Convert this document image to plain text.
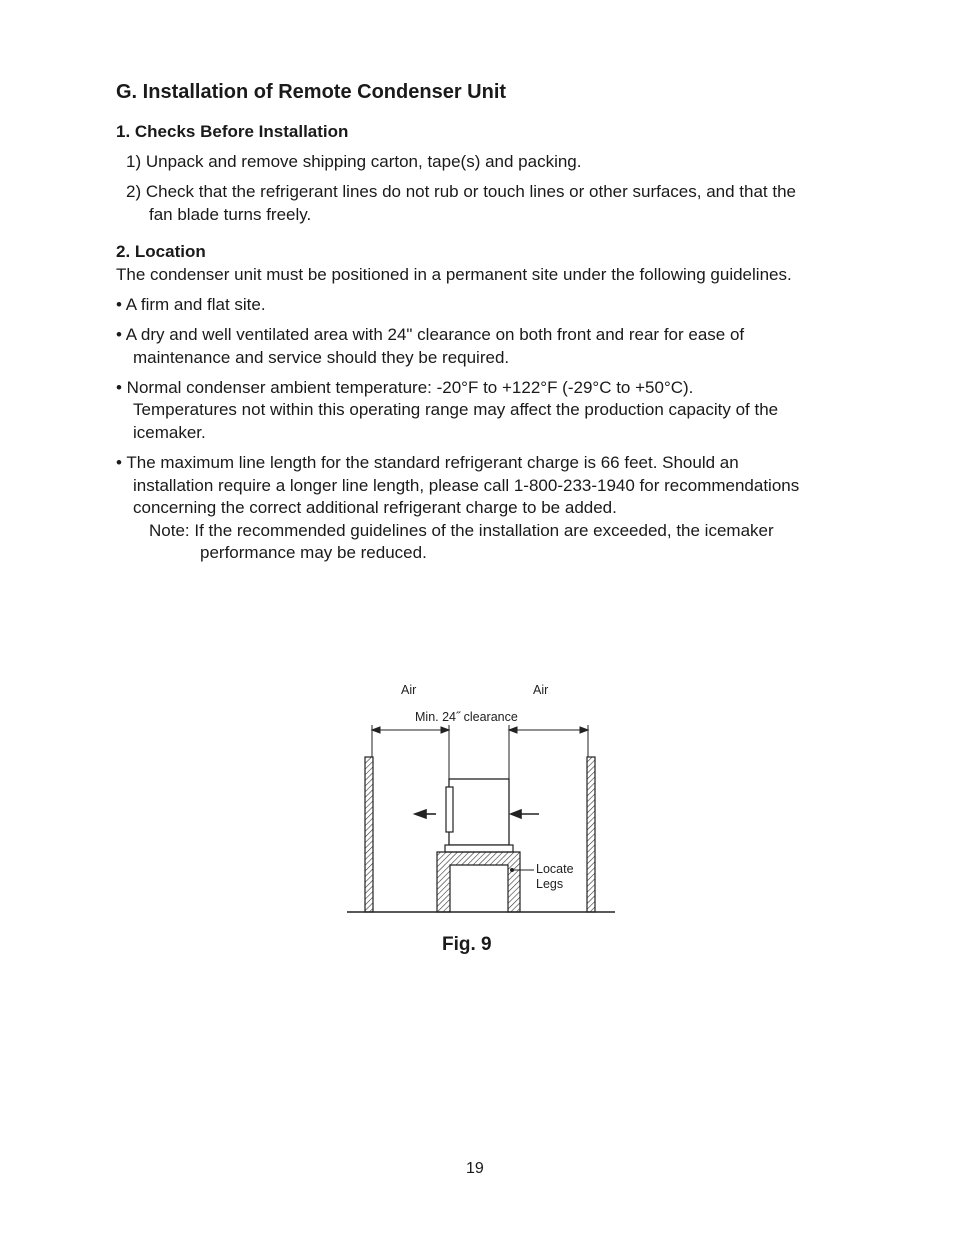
G. Installation of Remote Condenser Unit
1. Checks Before Installation
1) Unpack and remove shipping carton, tape(s) and packing.
2) Check that the refrigerant lines do not rub or touch lines or other surfaces, and that the
fan blade turns freely.
2. Location
The condenser unit must be positioned in a permanent site under the following guidelines.
• A firm and flat site.
• A dry and well ventilated area with 24" clearance on both front and rear for ease of
maintenance and service should they be required.
• Normal condenser ambient temperature: -20°F to +122°F (-29°C to +50°C).
Temperatures not within this operating range may affect the production capacity of the
icemaker.
• The maximum line length for the standard refrigerant charge is 66 feet. Should an
installation require a longer line length, please call 1-800-233-1940 for recommendations
concerning the correct additional refrigerant charge to be added.
Note: If the recommended guidelines of the installation are exceeded, the icemaker
performance may be reduced.
Air	Air
Min. 24˝ clearance
Locate
Legs
Fig. 9
19
